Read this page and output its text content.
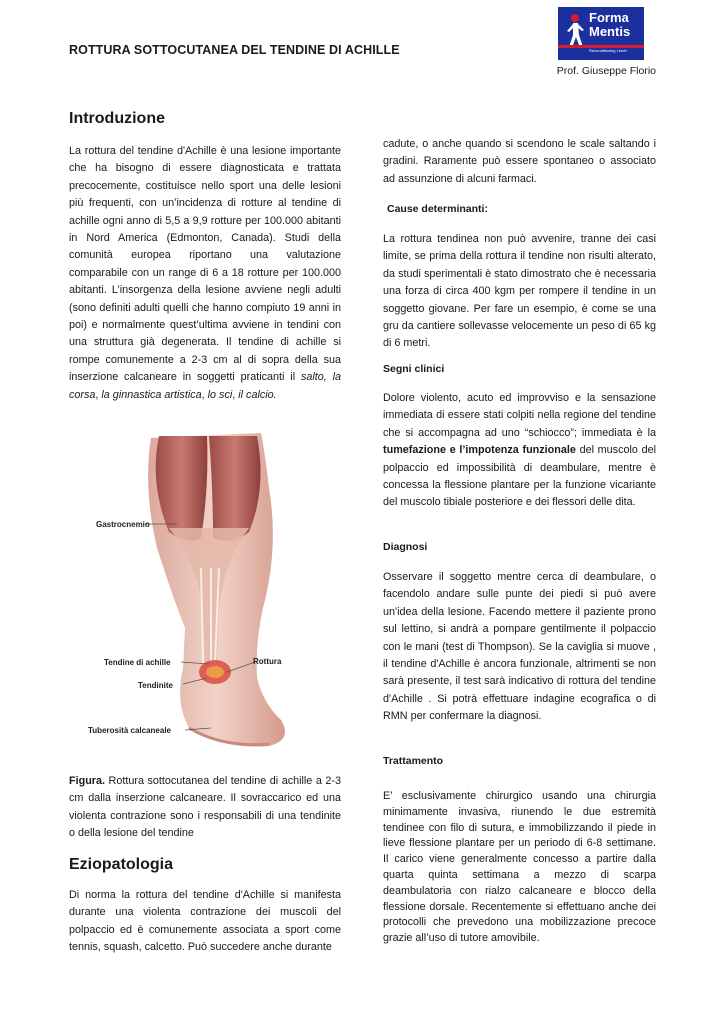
ROTTURA SOTTOCUTANEA DEL TENDINE DI ACHILLE
Forma
Mentis
Reconditioning Lenet
Prof. Giuseppe Florio
Introduzione

La rottura del tendine d'Achille è una lesione importante che ha bisogno di essere diagnosticata e trattata precocemente, costituisce nello sport una delle lesioni più frequenti, con un’incidenza di rotture al tendine di achille ogni anno di 5,5 a 9,9 rotture per 100.000 abitanti in Nord America (Edmonton, Canada). Studi della comunità europea riportano una valutazione comparabile con un range di 6 a 18 rotture per 100.000 abitanti. L’insorgenza della lesione avviene negli adulti (sono definiti adulti quelli che hanno compiuto 19 anni in poi) e normalmente quest’ultima avviene in tendini con una struttura già degenerata. Il tendine di achille si rompe comunemente a 2-3 cm al di sopra della sua inserzione calcaneare in soggetti praticanti il salto, la corsa, la ginnastica artistica, lo sci, il calcio.

Gastrocnemio
Tendine di achille	Rottura
Tendinite
Tuberosità calcaneale

Figura. Rottura sottocutanea del tendine di achille a 2-3 cm dalla inserzione calcaneare. Il sovraccarico ed una violenta contrazione sono i responsabili di una tendinite o della lesione del tendine

Eziopatologia

Di norma la rottura del tendine d'Achille si manifesta durante una violenta contrazione dei muscoli del polpaccio ed è comunemente associata a sport come tennis, squash, calcetto. Può succedere anche durante

cadute, o anche quando si scendono le scale saltando i gradini. Raramente può essere spontaneo o associato ad assunzione di alcuni farmaci.

Cause determinanti:

La rottura tendinea non può avvenire, tranne dei casi limite, se prima della rottura il tendine non risulti alterato, da studi sperimentali è stato dimostrato che è necessaria una forza di circa 400 kgm per rompere il tendine in un soggetto giovane. Per fare un esempio, è come se una gru da cantiere sollevasse velocemente un peso di 65 kg di 6 metri.

Segni clinici

Dolore violento, acuto ed improvviso e la sensazione immediata di essere stati colpiti nella regione del tendine che si accompagna ad uno “schiocco”; immediata è la tumefazione e l’impotenza funzionale del muscolo del polpaccio ed impossibilità di deambulare, mentre è concessa la flessione plantare per la funzione vicariante del muscolo tibiale posteriore e dei flessori delle dita.

Diagnosi

Osservare il soggetto mentre cerca di deambulare, o facendolo andare sulle punte dei piedi si può avere un'idea della lesione. Facendo mettere il paziente prono sul lettino, si andrà a pompare gentilmente il polpaccio con le mani (test di Thompson). Se la caviglia si muove , il tendine d'Achille è ancora funzionale, altrimenti se non sarà presente, il test sarà indicativo di rottura del tendine d'Achille . Si potrà effettuare indagine ecografica o di RMN per confermare la diagnosi.

Trattamento

E’ esclusivamente chirurgico usando una chirurgia minimamente invasiva, riunendo le due estremità tendinee con filo di sutura, e immobilizzando il piede in lieve flessione plantare per un periodo di 6-8 settimane. Il carico viene generalmente concesso a partire dalla quarta quinta settimana a mezzo di scarpa deambulatoria con rialzo calcaneare e blocco della flessione dorsale. Recentemente si effettuano anche dei protocolli che prevedono una mobilizzazione precoce grazie all’uso di tutore amovibile.
